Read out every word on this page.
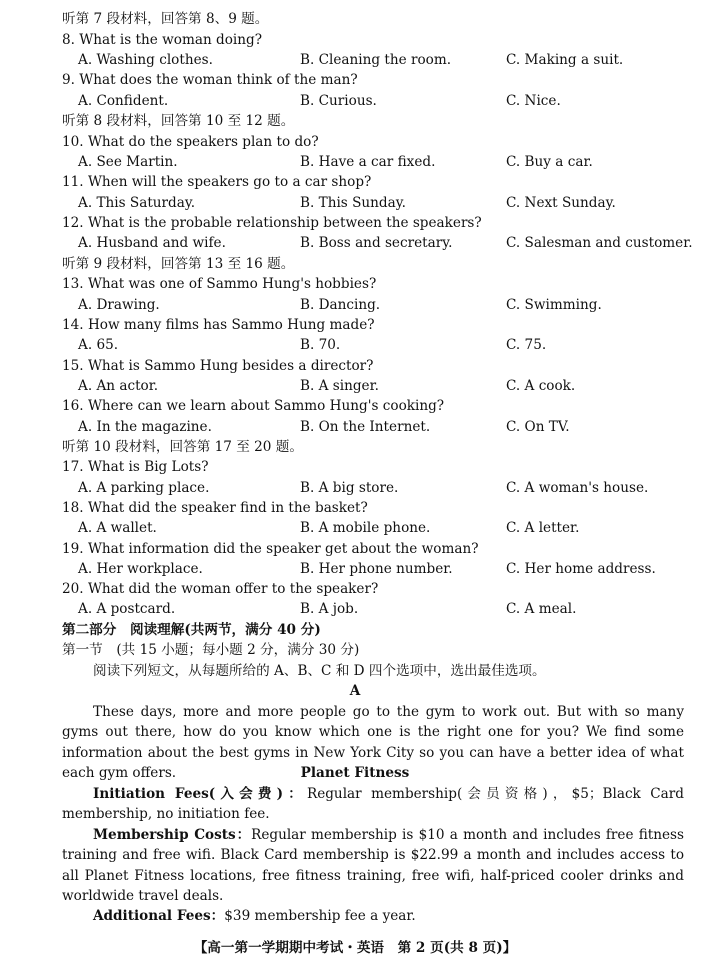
听第 7 段材料，回答第 8、9 题。
8. What is the woman doing?
A. Washing clothes.	B. Cleaning the room.	C. Making a suit.
9. What does the woman think of the man?
A. Confident.	B. Curious.	C. Nice.
听第 8 段材料，回答第 10 至 12 题。
10. What do the speakers plan to do?
A. See Martin.	B. Have a car fixed.	C. Buy a car.
11. When will the speakers go to a car shop?
A. This Saturday.	B. This Sunday.	C. Next Sunday.
12. What is the probable relationship between the speakers?
A. Husband and wife.	B. Boss and secretary.	C. Salesman and customer.
听第 9 段材料，回答第 13 至 16 题。
13. What was one of Sammo Hung's hobbies?
A. Drawing.	B. Dancing.	C. Swimming.
14. How many films has Sammo Hung made?
A. 65.	B. 70.	C. 75.
15. What is Sammo Hung besides a director?
A. An actor.	B. A singer.	C. A cook.
16. Where can we learn about Sammo Hung's cooking?
A. In the magazine.	B. On the Internet.	C. On TV.
听第 10 段材料，回答第 17 至 20 题。
17. What is Big Lots?
A. A parking place.	B. A big store.	C. A woman's house.
18. What did the speaker find in the basket?
A. A wallet.	B. A mobile phone.	C. A letter.
19. What information did the speaker get about the woman?
A. Her workplace.	B. Her phone number.	C. Her home address.
20. What did the woman offer to the speaker?
A. A postcard.	B. A job.	C. A meal.
第二部分　阅读理解(共两节，满分 40 分)
第一节　(共 15 小题；每小题 2 分，满分 30 分)
阅读下列短文，从每题所给的 A、B、C 和 D 四个选项中，选出最佳选项。
A
These days, more and more people go to the gym to work out. But with so many gyms out there, how do you know which one is the right one for you? We find some information about the best gyms in New York City so you can have a better idea of what each gym offers.	Planet Fitness
Initiation Fees(入会费)：Regular membership(会员资格)，$5；Black Card membership, no initiation fee.
Membership Costs：Regular membership is $10 a month and includes free fitness training and free wifi. Black Card membership is $22.99 a month and includes access to all Planet Fitness locations, free fitness training, free wifi, half-priced cooler drinks and worldwide travel deals.
Additional Fees：$39 membership fee a year.
【高一第一学期期中考试・英语　第 2 页(共 8 页)】
